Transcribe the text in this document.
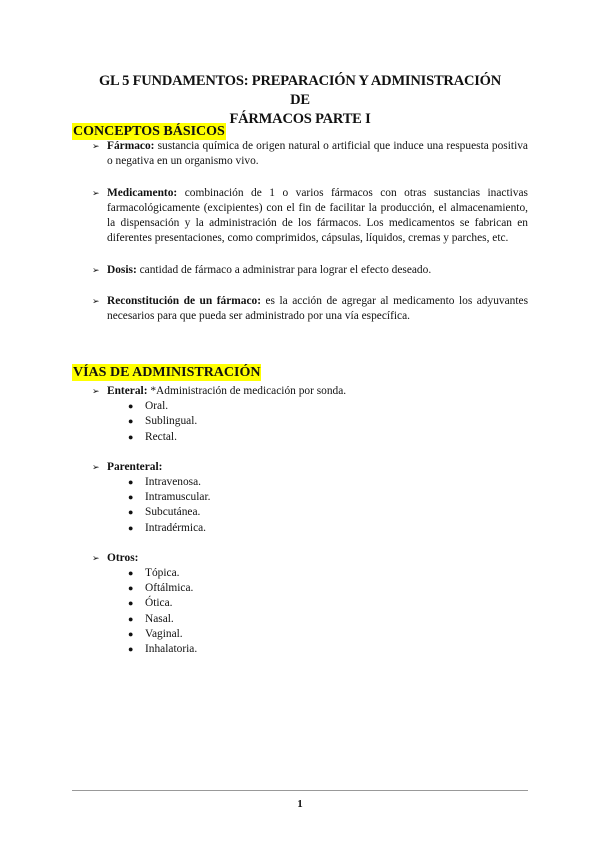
GL 5 FUNDAMENTOS: PREPARACIÓN Y ADMINISTRACIÓN DE
FÁRMACOS PARTE I
CONCEPTOS BÁSICOS
➢ Fármaco: sustancia química de origen natural o artificial que induce una respuesta positiva o negativa en un organismo vivo.
➢ Medicamento: combinación de 1 o varios fármacos con otras sustancias inactivas farmacológicamente (excipientes) con el fin de facilitar la producción, el almacenamiento, la dispensación y la administración de los fármacos. Los medicamentos se fabrican en diferentes presentaciones, como comprimidos, cápsulas, líquidos, cremas y parches, etc.
➢ Dosis: cantidad de fármaco a administrar para lograr el efecto deseado.
➢ Reconstitución de un fármaco: es la acción de agregar al medicamento los adyuvantes necesarios para que pueda ser administrado por una vía específica.
VÍAS DE ADMINISTRACIÓN
➢ Enteral: *Administración de medicación por sonda.
● Oral.
● Sublingual.
● Rectal.
➢ Parenteral:
● Intravenosa.
● Intramuscular.
● Subcutánea.
● Intradérmica.
➢ Otros:
● Tópica.
● Oftálmica.
● Ótica.
● Nasal.
● Vaginal.
● Inhalatoria.
1
